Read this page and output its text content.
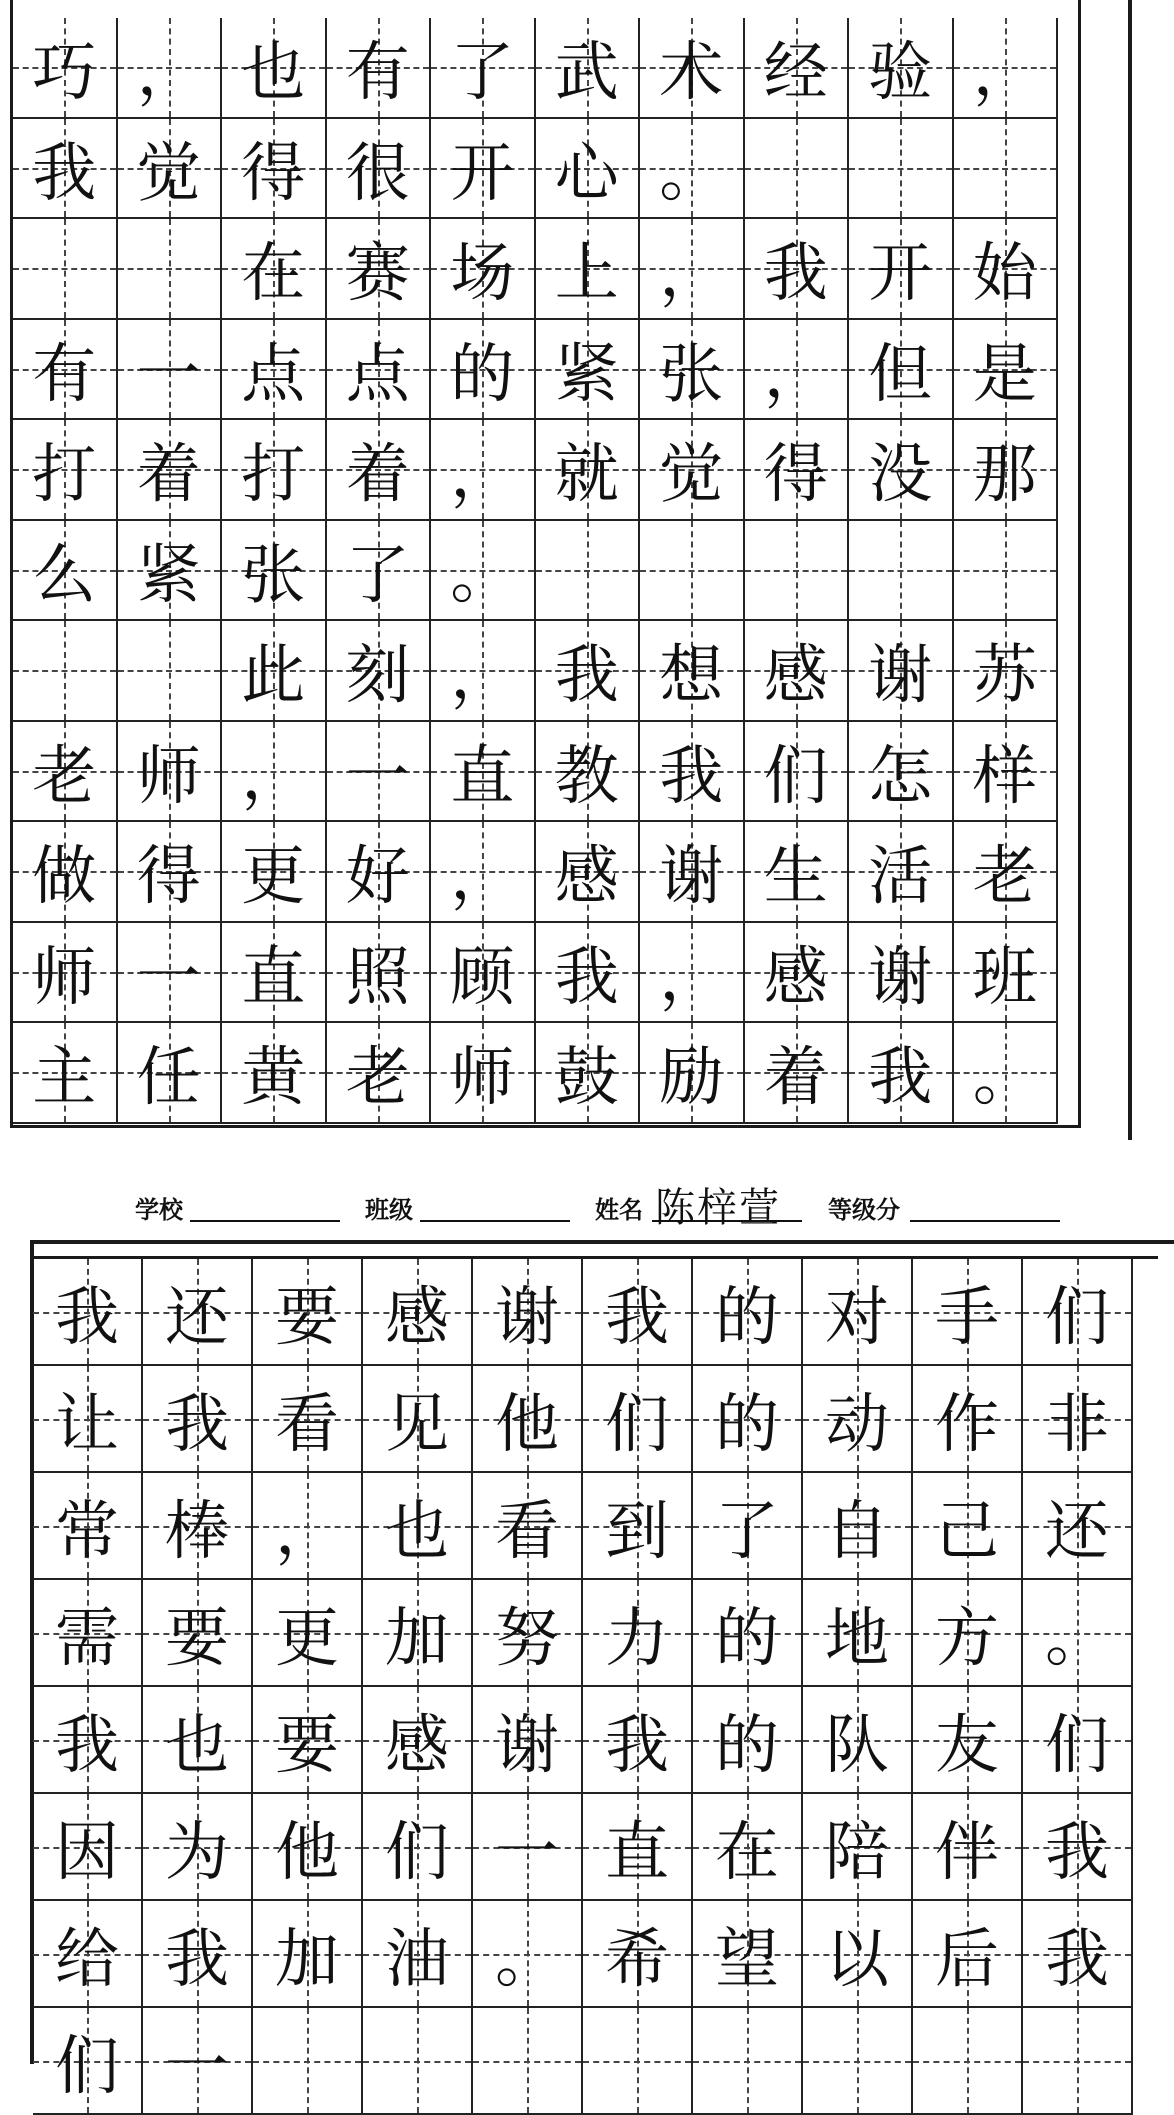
巧 ， 也 有 了 武 术 经 验 ，
我 觉 得 很 开 心 。
在 赛 场 上 ， 我 开 始
有 一 点 点 的 紧 张 ， 但 是
打 着 打 着 ， 就 觉 得 没 那
么 紧 张 了 。
此 刻 ， 我 想 感 谢 苏
老 师 ， 一 直 教 我 们 怎 样
做 得 更 好 ， 感 谢 生 活 老
师 一 直 照 顾 我 ， 感 谢 班
主 任 黄 老 师 鼓 励 着 我 。
学校	班级	姓名 陈梓萱 等级分
我 还 要 感 谢 我 的 对 手 们
让 我 看 见 他 们 的 动 作 非
常 棒 ， 也 看 到 了 自 己 还
需 要 更 加 努 力 的 地 方 。
我 也 要 感 谢 我 的 队 友 们
因 为 他 们 一 直 在 陪 伴 我
给 我 加 油 。 希 望 以 后 我
们 一
